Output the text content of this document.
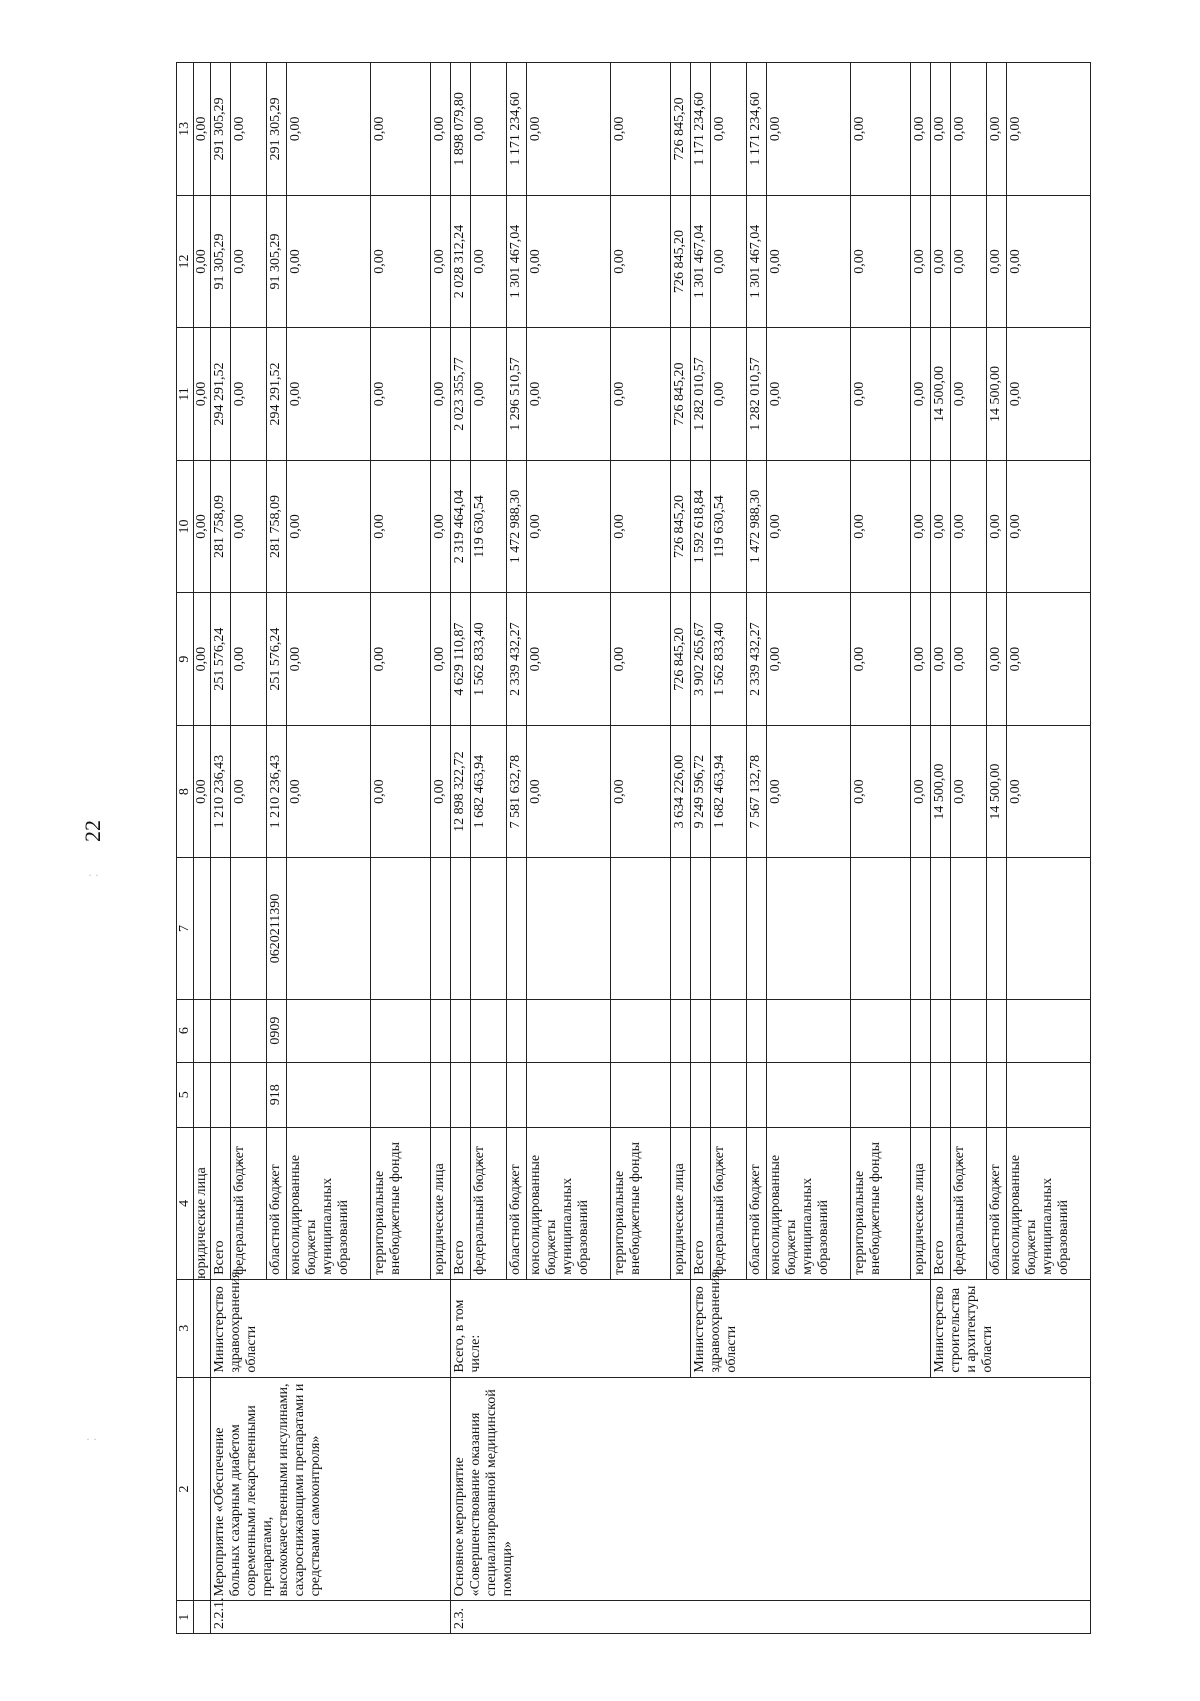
22
· ·
· ·
1	2	3	4	5	6	7	8	9	10	11	12	13
			юридические лица				0,00	0,00	0,00	0,00	0,00	0,00
2.2.1.	Мероприятие «Обеспечение больных сахарным диабетом современными лекарственными препаратами, высококачественными инсулинами, сахароснижающими препаратами и средствами самоконтроля»	Министерство здравоохранения области	Всего				1 210 236,43	251 576,24	281 758,09	294 291,52	91 305,29	291 305,29
			федеральный бюджет				0,00	0,00	0,00	0,00	0,00	0,00
			областной бюджет	918	0909	0620211390	1 210 236,43	251 576,24	281 758,09	294 291,52	91 305,29	291 305,29
			консолидированные бюджеты муниципальных образований				0,00	0,00	0,00	0,00	0,00	0,00
			территориальные внебюджетные фонды				0,00	0,00	0,00	0,00	0,00	0,00
			юридические лица				0,00	0,00	0,00	0,00	0,00	0,00
2.3.	Основное мероприятие «Совершенствование оказания специализированной медицинской помощи»	Всего, в том числе:	Всего				12 898 322,72	4 629 110,87	2 319 464,04	2 023 355,77	2 028 312,24	1 898 079,80
			федеральный бюджет				1 682 463,94	1 562 833,40	119 630,54	0,00	0,00	0,00
			областной бюджет				7 581 632,78	2 339 432,27	1 472 988,30	1 296 510,57	1 301 467,04	1 171 234,60
			консолидированные бюджеты муниципальных образований				0,00	0,00	0,00	0,00	0,00	0,00
			территориальные внебюджетные фонды				0,00	0,00	0,00	0,00	0,00	0,00
			юридические лица				3 634 226,00	726 845,20	726 845,20	726 845,20	726 845,20	726 845,20
		Министерство здравоохранения области	Всего				9 249 596,72	3 902 265,67	1 592 618,84	1 282 010,57	1 301 467,04	1 171 234,60
			федеральный бюджет				1 682 463,94	1 562 833,40	119 630,54	0,00	0,00	0,00
			областной бюджет				7 567 132,78	2 339 432,27	1 472 988,30	1 282 010,57	1 301 467,04	1 171 234,60
			консолидированные бюджеты муниципальных образований				0,00	0,00	0,00	0,00	0,00	0,00
			территориальные внебюджетные фонды				0,00	0,00	0,00	0,00	0,00	0,00
			юридические лица				0,00	0,00	0,00	0,00	0,00	0,00
		Министерство строительства и архитектуры области	Всего				14 500,00	0,00	0,00	14 500,00	0,00	0,00
			федеральный бюджет				0,00	0,00	0,00	0,00	0,00	0,00
			областной бюджет				14 500,00	0,00	0,00	14 500,00	0,00	0,00
			консолидированные бюджеты муниципальных образований				0,00	0,00	0,00	0,00	0,00	0,00
